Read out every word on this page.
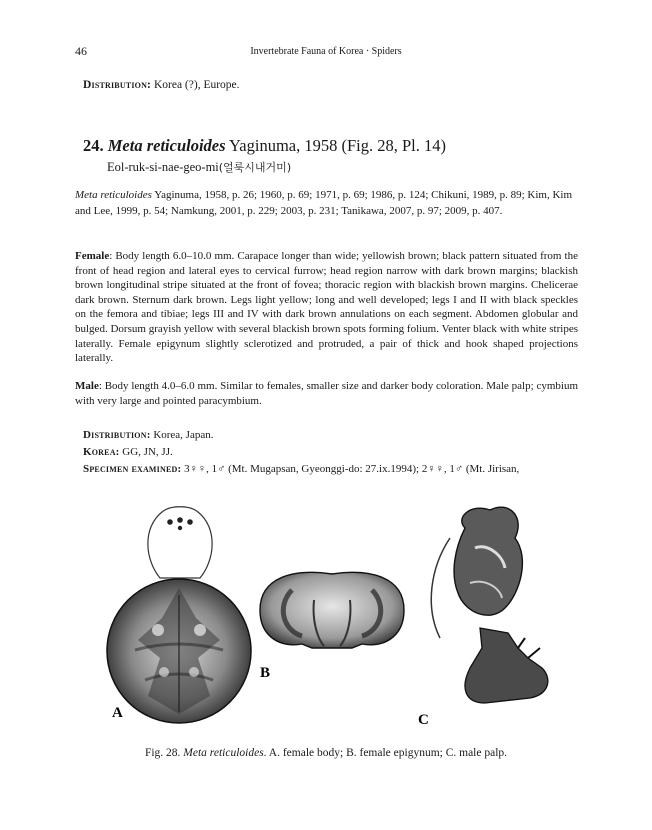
46	Invertebrate Fauna of Korea · Spiders
Distribution: Korea (?), Europe.
24. Meta reticuloides Yaginuma, 1958 (Fig. 28, Pl. 14)
Eol-ruk-si-nae-geo-mi(얼룩시내거미)
Meta reticuloides Yaginuma, 1958, p. 26; 1960, p. 69; 1971, p. 69; 1986, p. 124; Chikuni, 1989, p. 89; Kim, Kim and Lee, 1999, p. 54; Namkung, 2001, p. 229; 2003, p. 231; Tanikawa, 2007, p. 97; 2009, p. 407.
Female: Body length 6.0–10.0 mm. Carapace longer than wide; yellowish brown; black pattern situated from the front of head region and lateral eyes to cervical furrow; head region narrow with dark brown margins; blackish brown longitudinal stripe situated at the front of fovea; thoracic region with blackish brown margins. Chelicerae dark brown. Sternum dark brown. Legs light yellow; long and well developed; legs I and II with black speckles on the femora and tibiae; legs III and IV with dark brown annulations on each segment. Abdomen globular and bulged. Dorsum grayish yellow with several blackish brown spots forming folium. Venter black with white stripes laterally. Female epigynum slightly sclerotized and protruded, a pair of thick and hook shaped projections laterally.
Male: Body length 4.0–6.0 mm. Similar to females, smaller size and darker body coloration. Male palp; cymbium with very large and pointed paracymbium.
Distribution: Korea, Japan.
Korea: GG, JN, JJ.
Specimen examined: 3♀♀, 1♂ (Mt. Mugapsan, Gyeonggi-do: 27.ix.1994); 2♀♀, 1♂ (Mt. Jirisan,
A
B
C
Fig. 28. Meta reticuloides. A. female body; B. female epigynum; C. male palp.
